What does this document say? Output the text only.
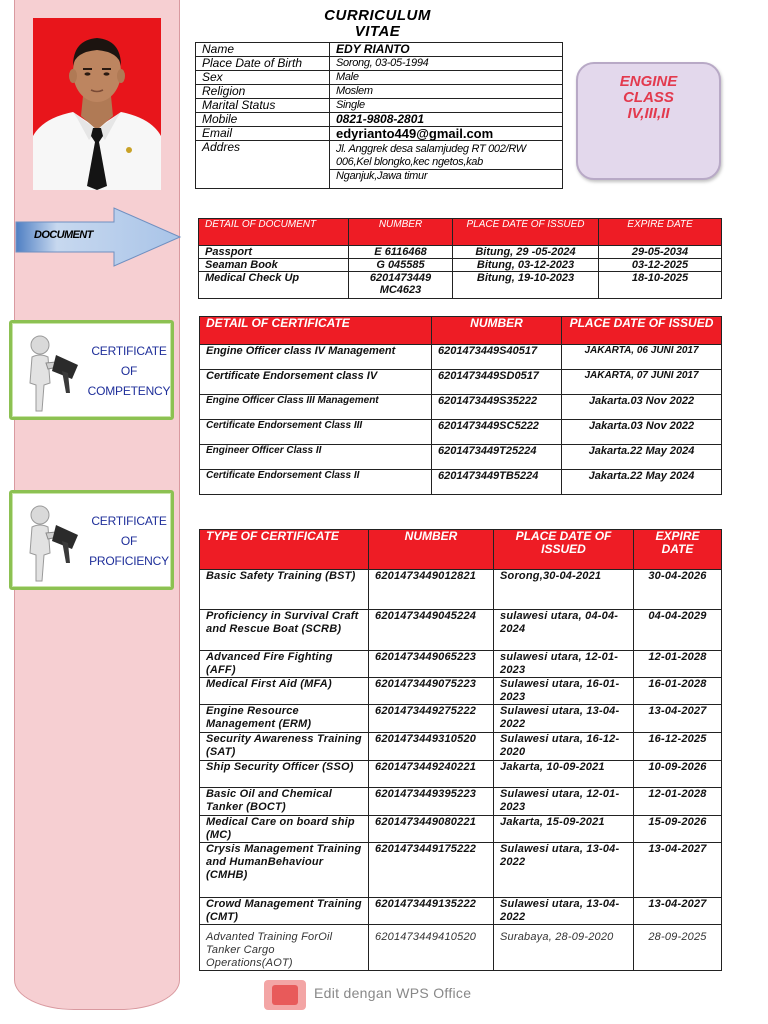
CURRICULUM
VITAE
Name	EDY RIANTO
Place Date of Birth	Sorong, 03-05-1994
Sex	Male
Religion	Moslem
Marital Status	Single
Mobile	0821-9808-2801
Email	edyrianto449@gmail.com
Addres	Jl. Anggrek desa salamjudeg RT 002/RW
006,Kel blongko,kec ngetos,kab
Nganjuk,Jawa timur
ENGINE
CLASS
IV,III,II
DOCUMENT
DETAIL OF DOCUMENT	NUMBER	PLACE DATE OF ISSUED	EXPIRE DATE
Passport	E 6116468	Bitung, 29 -05-2024	29-05-2034
Seaman Book	G 045585	Bitung, 03-12-2023	03-12-2025
Medical Check Up	6201473449 MC4623	Bitung, 19-10-2023	18-10-2025
CERTIFICATE
OF
COMPETENCY
DETAIL OF CERTIFICATE	NUMBER	PLACE DATE OF ISSUED
Engine Officer class IV Management	6201473449S40517	JAKARTA, 06 JUNI 2017
Certificate Endorsement class IV	6201473449SD0517	JAKARTA, 07 JUNI 2017
Engine Officer Class III Management	6201473449S35222	Jakarta.03 Nov 2022
Certificate Endorsement Class III	6201473449SC5222	Jakarta.03 Nov 2022
Engineer Officer Class II	6201473449T25224	Jakarta.22 May 2024
Certificate Endorsement Class II	6201473449TB5224	Jakarta.22 May 2024
CERTIFICATE
OF
PROFICIENCY
TYPE OF CERTIFICATE	NUMBER	PLACE DATE OF ISSUED	EXPIRE DATE
Basic Safety Training (BST)	6201473449012821	Sorong,30-04-2021	30-04-2026
Proficiency in Survival Craft and Rescue Boat (SCRB)	6201473449045224	sulawesi utara, 04-04-2024	04-04-2029
Advanced Fire Fighting (AFF)	6201473449065223	sulawesi utara, 12-01-2023	12-01-2028
Medical First Aid (MFA)	6201473449075223	Sulawesi utara, 16-01-2023	16-01-2028
Engine Resource Management (ERM)	6201473449275222	Sulawesi utara, 13-04-2022	13-04-2027
Security Awareness Training (SAT)	6201473449310520	Sulawesi utara, 16-12-2020	16-12-2025
Ship Security Officer (SSO)	6201473449240221	Jakarta, 10-09-2021	10-09-2026
Basic Oil and Chemical Tanker (BOCT)	6201473449395223	Sulawesi utara, 12-01-2023	12-01-2028
Medical Care on board ship (MC)	6201473449080221	Jakarta, 15-09-2021	15-09-2026
Crysis Management Training and HumanBehaviour (CMHB)	6201473449175222	Sulawesi utara, 13-04-2022	13-04-2027
Crowd Management Training (CMT)	6201473449135222	Sulawesi utara, 13-04-2022	13-04-2027
Advanted Training ForOil Tanker Cargo Operations(AOT)	6201473449410520	Surabaya, 28-09-2020	28-09-2025
Edit dengan WPS Office
